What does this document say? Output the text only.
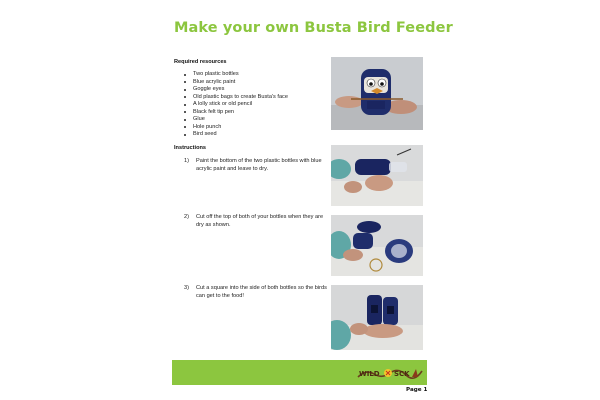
Make your own Busta Bird Feeder
Required resources
Two plastic bottles
Blue acrylic paint
Goggle eyes
Old plastic bags to create Busta's face
A lolly stick or old pencil
Black felt tip pen
Glue
Hole punch
Bird seed
Instructions
1)	Paint the bottom of the two plastic bottles with blue acrylic paint and leave to dry.
2)	Cut off the top of both of your bottles when they are dry as shown.
3)	Cut a square into the side of both bottles so the birds can get to the food!
WILD SCK
Page 1
